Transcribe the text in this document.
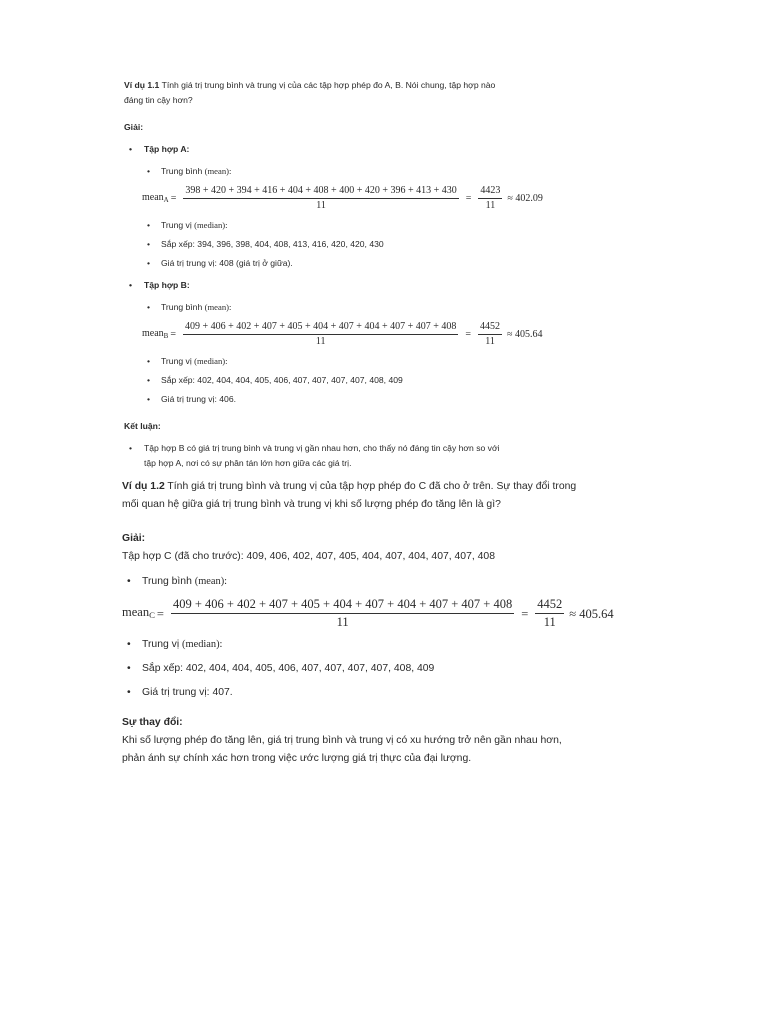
Ví dụ 1.1 Tính giá trị trung bình và trung vị của các tập hợp phép đo A, B. Nói chung, tập hợp nào

đáng tin cậy hơn?

Giải:

• Tập hợp A:
• Trung bình (mean):
mean$_A$ =
398 + 420 + 394 + 416 + 404 + 408 + 400 + 420 + 396 + 413 + 430
11
= $\frac{4423}{11} \approx 402.09$
• Trung vị (median):
• Sắp xếp: 394, 396, 398, 404, 408, 413, 416, 420, 420, 430
• Giá trị trung vị: 408 (giá trị ở giữa).
• Tập hợp B:
• Trung bình (mean):
mean$_B$ =
409 + 406 + 402 + 407 + 405 + 404 + 407 + 404 + 407 + 407 + 408
11
= $\frac{4452}{11} \approx 405.64$
• Trung vị (median):
• Sắp xếp: 402, 404, 404, 405, 406, 407, 407, 407, 407, 408, 409
• Giá trị trung vị: 406.

Kết luận:

• Tập hợp B có giá trị trung bình và trung vị gần nhau hơn, cho thấy nó đáng tin cậy hơn so với
tập hợp A, nơi có sự phân tán lớn hơn giữa các giá trị.

Ví dụ 1.2 Tính giá trị trung bình và trung vị của tập hợp phép đo C đã cho ở trên. Sự thay đổi trong

mối quan hệ giữa giá trị trung bình và trung vị khi số lượng phép đo tăng lên là gì?

Giải:

Tập hợp C (đã cho trước): 409, 406, 402, 407, 405, 404, 407, 404, 407, 407, 408

• Trung bình (mean):
mean$_C$ =
409 + 406 + 402 + 407 + 405 + 404 + 407 + 404 + 407 + 407 + 408
11
= $\frac{4452}{11} \approx 405.64$
• Trung vị (median):
• Sắp xếp: 402, 404, 404, 405, 406, 407, 407, 407, 407, 408, 409
• Giá trị trung vị: 407.

Sự thay đổi:

Khi số lượng phép đo tăng lên, giá trị trung bình và trung vị có xu hướng trở nên gần nhau hơn,

phản ánh sự chính xác hơn trong việc ước lượng giá trị thực của đại lượng.
